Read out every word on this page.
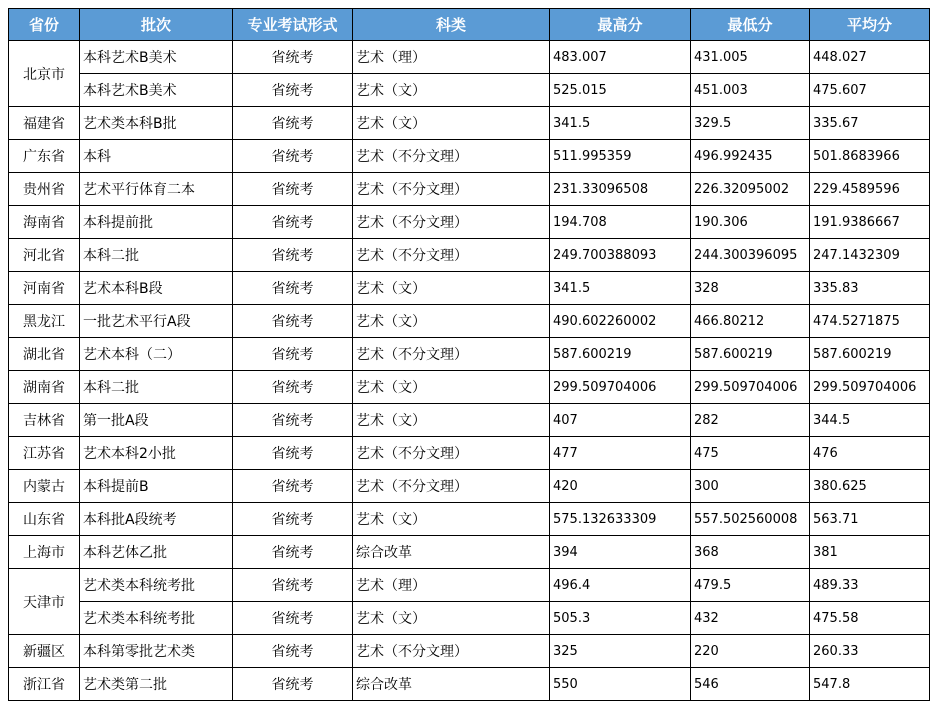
省份	批次	专业考试形式	科类	最高分	最低分	平均分
北京市	本科艺术B美术	省统考	艺术（理）	483.007	431.005	448.027
	本科艺术B美术	省统考	艺术（文）	525.015	451.003	475.607
福建省	艺术类本科B批	省统考	艺术（文）	341.5	329.5	335.67
广东省	本科	省统考	艺术（不分文理）	511.995359	496.992435	501.8683966
贵州省	艺术平行体育二本	省统考	艺术（不分文理）	231.33096508	226.32095002	229.4589596
海南省	本科提前批	省统考	艺术（不分文理）	194.708	190.306	191.9386667
河北省	本科二批	省统考	艺术（不分文理）	249.700388093	244.300396095	247.1432309
河南省	艺术本科B段	省统考	艺术（文）	341.5	328	335.83
黑龙江	一批艺术平行A段	省统考	艺术（文）	490.602260002	466.80212	474.5271875
湖北省	艺术本科（二）	省统考	艺术（不分文理）	587.600219	587.600219	587.600219
湖南省	本科二批	省统考	艺术（文）	299.509704006	299.509704006	299.509704006
吉林省	第一批A段	省统考	艺术（文）	407	282	344.5
江苏省	艺术本科2小批	省统考	艺术（不分文理）	477	475	476
内蒙古	本科提前B	省统考	艺术（不分文理）	420	300	380.625
山东省	本科批A段统考	省统考	艺术（文）	575.132633309	557.502560008	563.71
上海市	本科艺体乙批	省统考	综合改革	394	368	381
天津市	艺术类本科统考批	省统考	艺术（理）	496.4	479.5	489.33
	艺术类本科统考批	省统考	艺术（文）	505.3	432	475.58
新疆区	本科第零批艺术类	省统考	艺术（不分文理）	325	220	260.33
浙江省	艺术类第二批	省统考	综合改革	550	546	547.8
